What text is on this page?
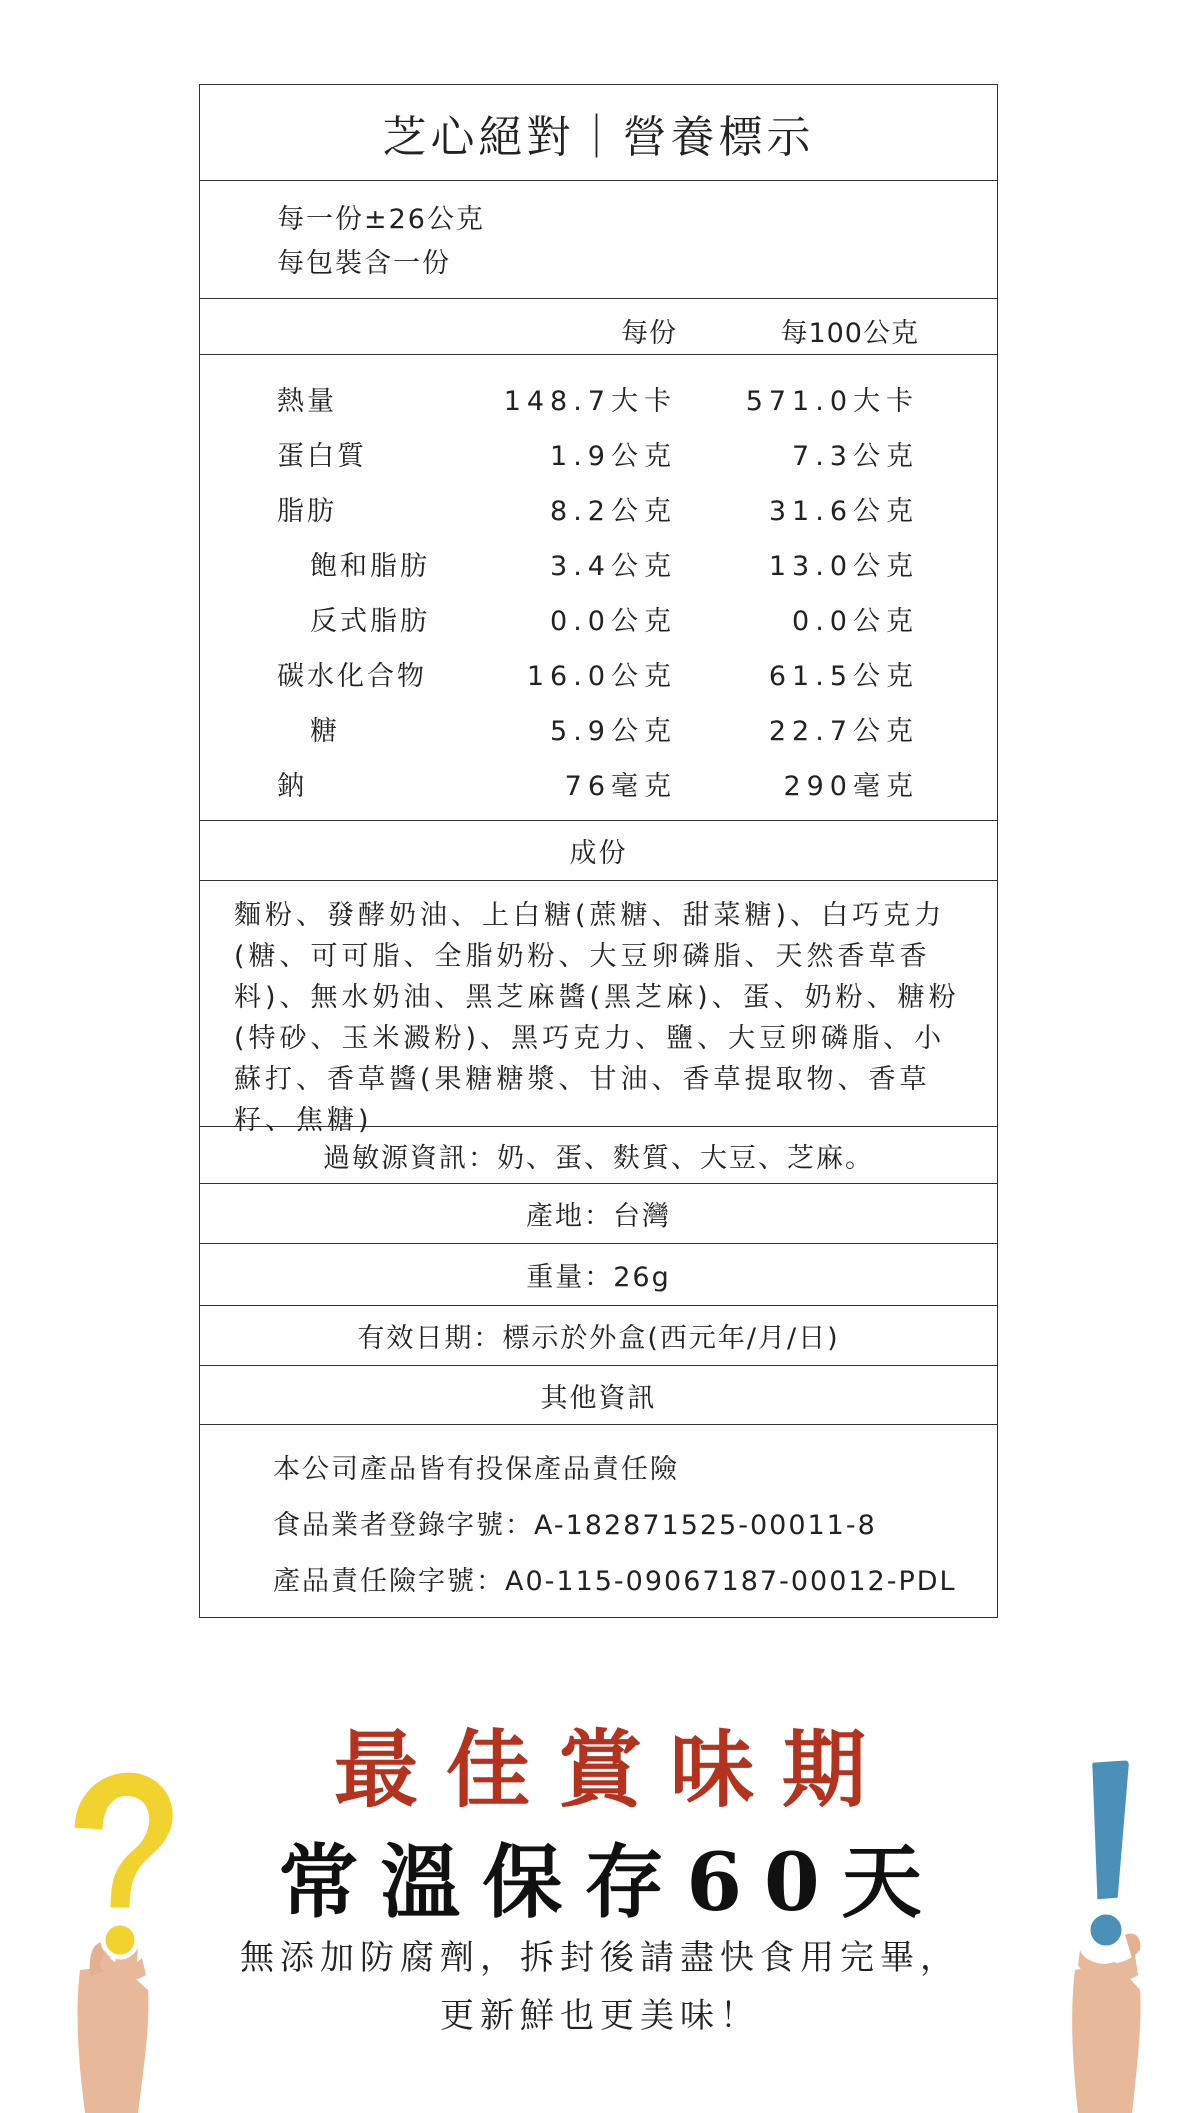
芝心絕對｜營養標示
每一份±26公克
每包裝含一份
每份	每100公克
熱量	148.7大卡	571.0大卡
蛋白質	1.9公克	7.3公克
脂肪	8.2公克	31.6公克
飽和脂肪	3.4公克	13.0公克
反式脂肪	0.0公克	0.0公克
碳水化合物	16.0公克	61.5公克
糖	5.9公克	22.7公克
鈉	76毫克	290毫克
成份
麵粉、發酵奶油、上白糖(蔗糖、甜菜糖)、白巧克力(糖、可可脂、全脂奶粉、大豆卵磷脂、天然香草香料)、無水奶油、黑芝麻醬(黑芝麻)、蛋、奶粉、糖粉(特砂、玉米澱粉)、黑巧克力、鹽、大豆卵磷脂、小蘇打、香草醬(果糖糖漿、甘油、香草提取物、香草籽、焦糖)
過敏源資訊：奶、蛋、麩質、大豆、芝麻。
產地：台灣
重量：26g
有效日期：標示於外盒(西元年/月/日)
其他資訊
本公司產品皆有投保產品責任險
食品業者登錄字號：A-182871525-00011-8
產品責任險字號：A0-115-09067187-00012-PDL
最佳賞味期
常溫保存60天
無添加防腐劑，拆封後請盡快食用完畢，
更新鮮也更美味！
